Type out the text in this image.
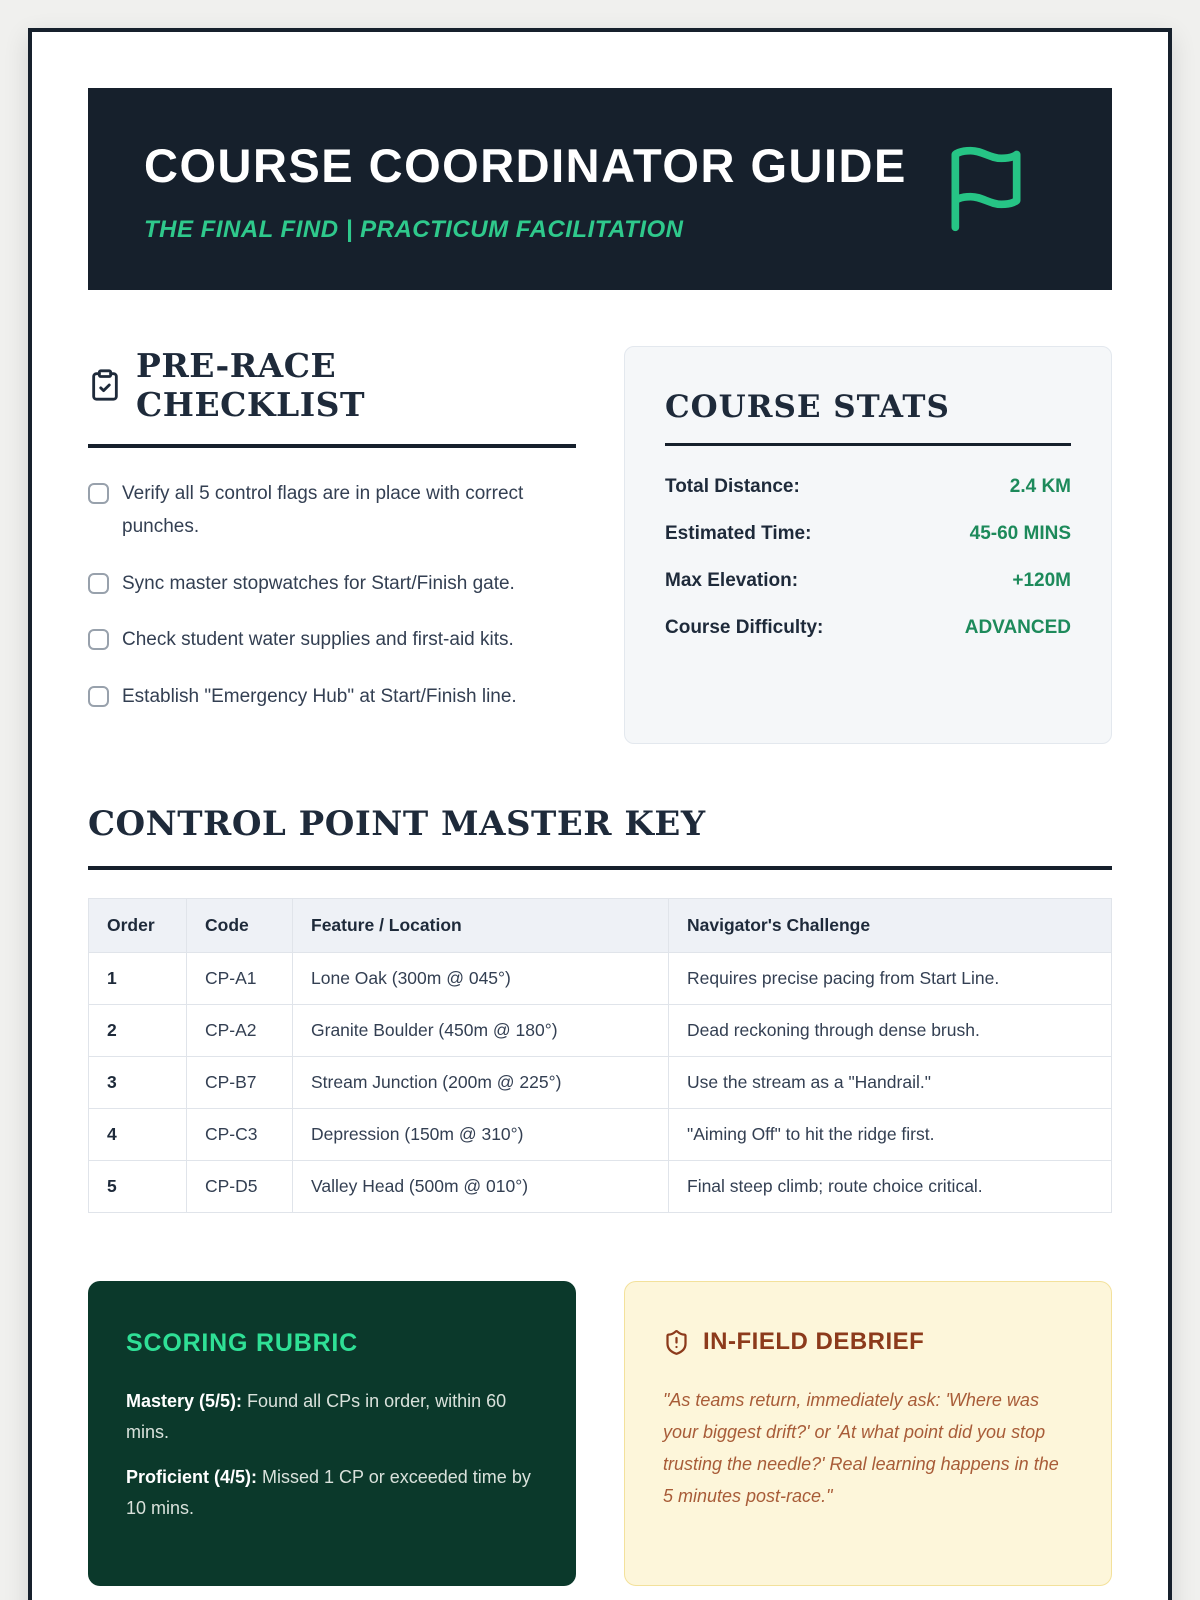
COURSE COORDINATOR GUIDE
THE FINAL FIND | PRACTICUM FACILITATION
PRE-RACE CHECKLIST
Verify all 5 control flags are in place with correct punches.
Sync master stopwatches for Start/Finish gate.
Check student water supplies and first-aid kits.
Establish "Emergency Hub" at Start/Finish line.
COURSE STATS
Total Distance:	2.4 KM
Estimated Time:	45-60 MINS
Max Elevation:	+120M
Course Difficulty:	ADVANCED
CONTROL POINT MASTER KEY
Order	Code	Feature / Location	Navigator's Challenge
1	CP-A1	Lone Oak (300m @ 045°)	Requires precise pacing from Start Line.
2	CP-A2	Granite Boulder (450m @ 180°)	Dead reckoning through dense brush.
3	CP-B7	Stream Junction (200m @ 225°)	Use the stream as a "Handrail."
4	CP-C3	Depression (150m @ 310°)	"Aiming Off" to hit the ridge first.
5	CP-D5	Valley Head (500m @ 010°)	Final steep climb; route choice critical.
SCORING RUBRIC

Mastery (5/5): Found all CPs in order, within 60 mins.

Proficient (4/5): Missed 1 CP or exceeded time by 10 mins.

IN-FIELD DEBRIEF

"As teams return, immediately ask: 'Where was your biggest drift?' or 'At what point did you stop trusting the needle?' Real learning happens in the 5 minutes post-race."
